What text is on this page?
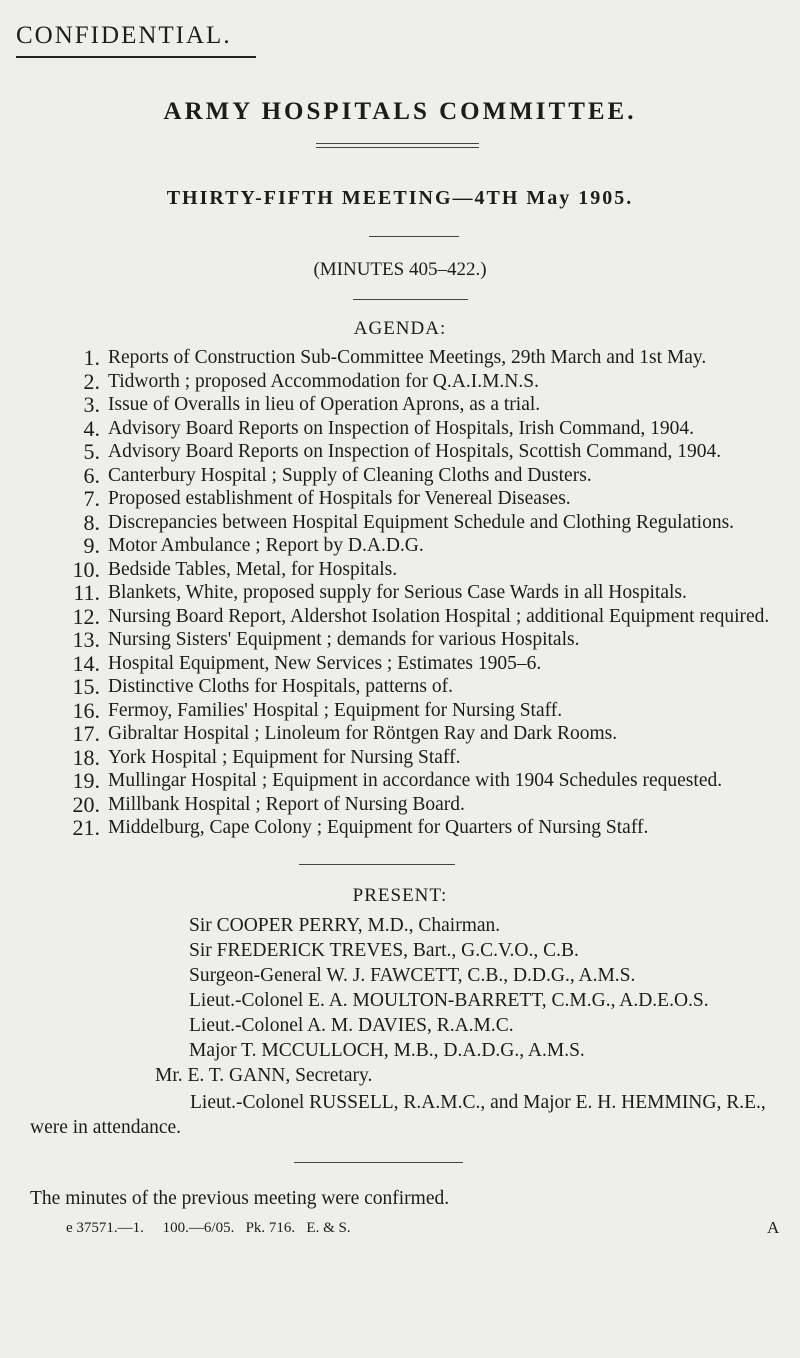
CONFIDENTIAL.

ARMY HOSPITALS COMMITTEE.
THIRTY-FIFTH MEETING—4TH May 1905.

(MINUTES 405–422.)

AGENDA:

1. Reports of Construction Sub-Committee Meetings, 29th March and 1st May.
2. Tidworth ; proposed Accommodation for Q.A.I.M.N.S.
3. Issue of Overalls in lieu of Operation Aprons, as a trial.
4. Advisory Board Reports on Inspection of Hospitals, Irish Command, 1904.
5. Advisory Board Reports on Inspection of Hospitals, Scottish Command, 1904.
6. Canterbury Hospital ; Supply of Cleaning Cloths and Dusters.
7. Proposed establishment of Hospitals for Venereal Diseases.
8. Discrepancies between Hospital Equipment Schedule and Clothing Regulations.
9. Motor Ambulance ; Report by D.A.D.G.
10. Bedside Tables, Metal, for Hospitals.
11. Blankets, White, proposed supply for Serious Case Wards in all Hospitals.
12. Nursing Board Report, Aldershot Isolation Hospital ; additional Equipment required.
13. Nursing Sisters' Equipment ; demands for various Hospitals.
14. Hospital Equipment, New Services ; Estimates 1905–6.
15. Distinctive Cloths for Hospitals, patterns of.
16. Fermoy, Families' Hospital ; Equipment for Nursing Staff.
17. Gibraltar Hospital ; Linoleum for Röntgen Ray and Dark Rooms.
18. York Hospital ; Equipment for Nursing Staff.
19. Mullingar Hospital ; Equipment in accordance with 1904 Schedules requested.
20. Millbank Hospital ; Report of Nursing Board.
21. Middelburg, Cape Colony ; Equipment for Quarters of Nursing Staff.

PRESENT:

Sir COOPER PERRY, M.D., Chairman.
Sir FREDERICK TREVES, Bart., G.C.V.O., C.B.
Surgeon-General W. J. FAWCETT, C.B., D.D.G., A.M.S.
Lieut.-Colonel E. A. MOULTON-BARRETT, C.M.G., A.D.E.O.S.
Lieut.-Colonel A. M. DAVIES, R.A.M.C.
Major T. MCCULLOCH, M.B., D.A.D.G., A.M.S.
Mr. E. T. GANN, Secretary.

Lieut.-Colonel RUSSELL, R.A.M.C., and Major E. H. HEMMING, R.E., were in attendance.

The minutes of the previous meeting were confirmed.

e 37571.—1.     100.—6/05.   Pk. 716.   E. & S.	A
